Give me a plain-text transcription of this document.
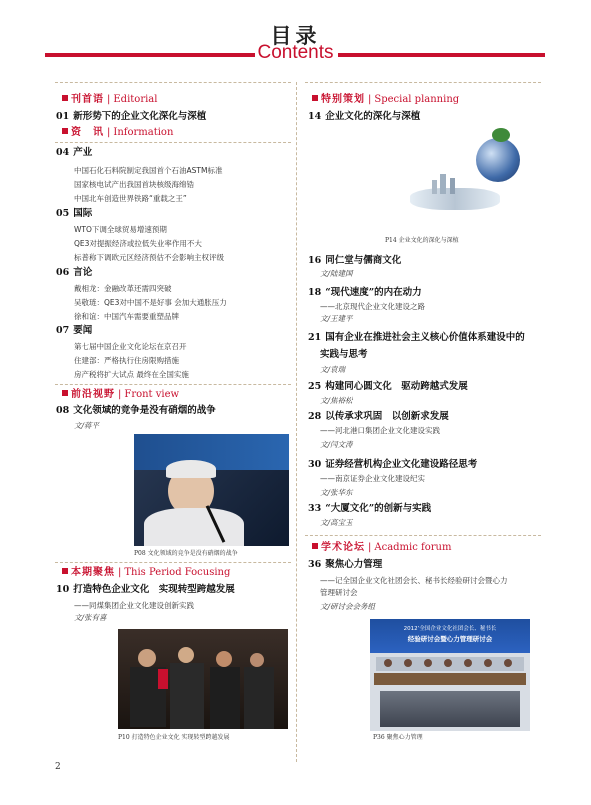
目录
Contents
刊首语 | Editorial
01 新形势下的企业文化深化与深植
资　讯 | Information
04 产业
中国石化石料院制定我国首个石油ASTM标准
国家核电试产出我国首块核级海绵锆
中国北车创造世界铁路“重载之王”
05 国际
WTO下调全球贸易增速预期
QE3对提振经济或拉低失业率作用不大
标普称下调欧元区经济预估不会影响主权评级
06 言论
戴相龙：金融改革还需四突破
吴敬琏：QE3对中国不是好事 会加大通胀压力
徐和谊：中国汽车需要重塑品牌
07 要闻
第七届中国企业文化论坛在京召开
住建部：严格执行住房限购措施
房产税将扩大试点 最终在全国实施
前沿视野 | Front view
08 文化领域的竞争是没有硝烟的战争
文/蒋平
P08 文化领域的竞争是没有硝烟的战争
本期聚焦 | This Period Focusing
10 打造特色企业文化　实现转型跨越发展
——同煤集团企业文化建设创新实践
文/张有喜
P10 打造特色企业文化 实现转型跨越发展
特别策划 | Special planning
14 企业文化的深化与深植
P14 企业文化的深化与深植
16 同仁堂与儒商文化
文/陆建国
18 “现代速度”的内在动力
——北京现代企业文化建设之路
文/王建平
21 国有企业在推进社会主义核心价值体系建设中的
实践与思考
文/袁瑞
25 构建同心圆文化　驱动跨越式发展
文/焦裕松
28 以传承求巩固　以创新求发展
——河北港口集团企业文化建设实践
文/闫文涛
30 证券经营机构企业文化建设路径思考
——南京证券企业文化建设纪实
文/张华东
33 “大厦文化”的创新与实践
文/高宝玉
学术论坛 | Acadmic forum
36 聚焦心力管理
——记全国企业文化社团会长、秘书长经验研讨会暨心力
管理研讨会
文/研讨会会务组
2012’全国企业文化社团会长、秘书长
经验研讨会暨心力管理研讨会
P36 聚焦心力管理
2
